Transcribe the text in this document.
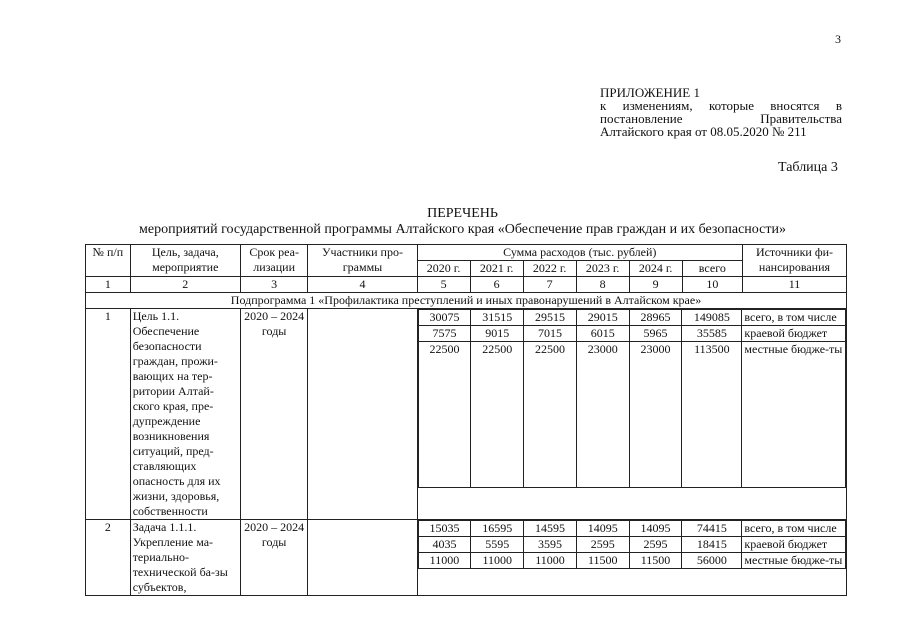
3
ПРИЛОЖЕНИЕ 1
к изменениям, которые вносятся в
постановление	Правительства
Алтайского края от 08.05.2020 № 211
Таблица 3
ПЕРЕЧЕНЬ
мероприятий государственной программы Алтайского края «Обеспечение прав граждан и их безопасности»
№ п/п	Цель, задача, мероприятие	Срок реа-лизации	Участники про-граммы	Сумма расходов (тыс. рублей)	Источники фи-нансирования
2020 г.	2021 г.	2022 г.	2023 г.	2024 г.	всего
1	2	3	4	5	6	7	8	9	10	11
Подпрограмма 1 «Профилактика преступлений и иных правонарушений в Алтайском крае»
1	Цель 1.1. Обеспечение безопасности граждан, прожи-вающих на тер-ритории Алтай-ского края, пре-дупреждение возникновения ситуаций, пред-ставляющих опасность для их жизни, здоровья, собственности	2020 – 2024 годы		
30075	31515	29515	29015	28965	149085	всего, в том числе
7575	9015	7015	6015	5965	35585	краевой бюджет
22500	22500	22500	23000	23000	113500	местные бюдже-ты

2	Задача 1.1.1. Укрепление ма-териально-технической ба-зы субъектов,	2020 – 2024 годы		
15035	16595	14595	14095	14095	74415	всего, в том числе
4035	5595	3595	2595	2595	18415	краевой бюджет
11000	11000	11000	11500	11500	56000	местные бюдже-ты
